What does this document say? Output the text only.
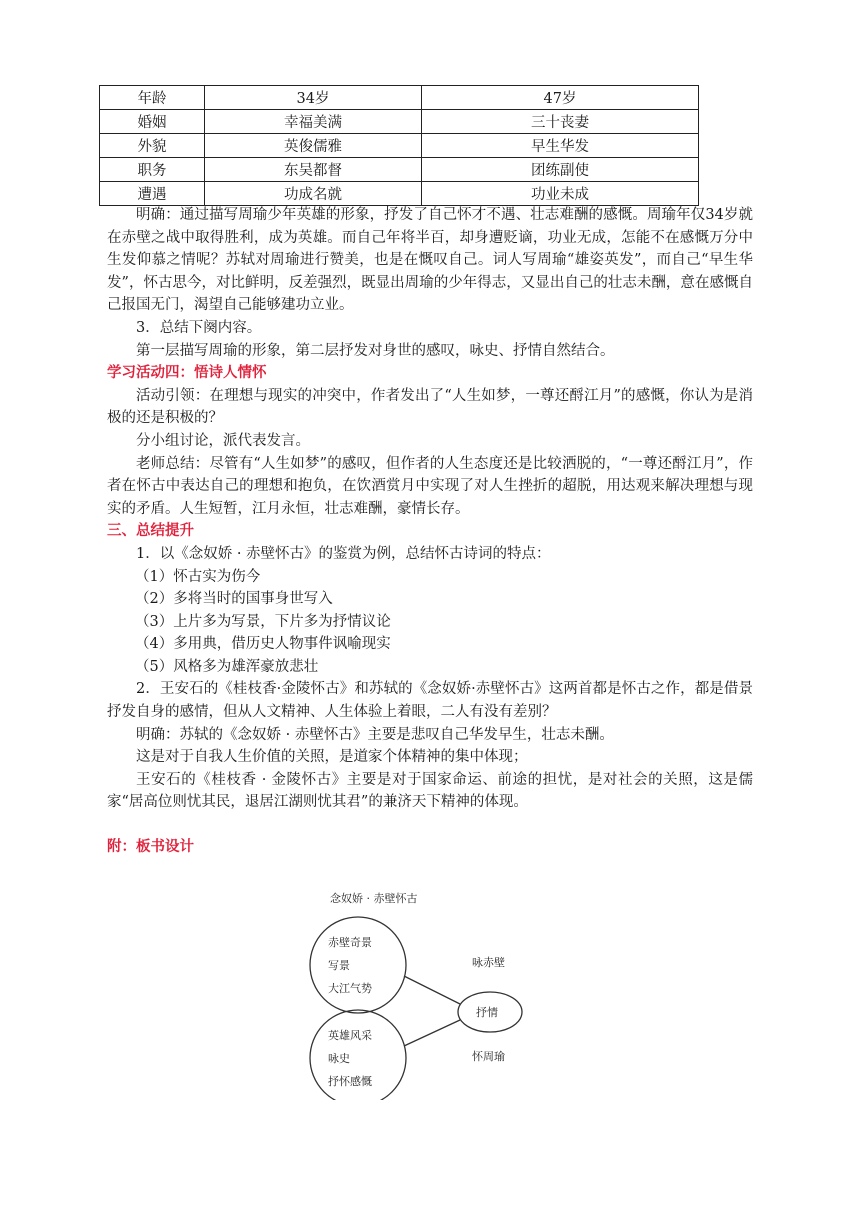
年龄	34岁	47岁
婚姻	幸福美满	三十丧妻
外貌	英俊儒雅	早生华发
职务	东吴都督	团练副使
遭遇	功成名就	功业未成

明确：通过描写周瑜少年英雄的形象，抒发了自己怀才不遇、壮志难酬的感慨。周瑜年仅34岁就在赤壁之战中取得胜利，成为英雄。而自己年将半百，却身遭贬谪，功业无成，怎能不在感慨万分中生发仰慕之情呢？苏轼对周瑜进行赞美，也是在慨叹自己。词人写周瑜“雄姿英发”，而自己“早生华发”，怀古思今，对比鲜明，反差强烈，既显出周瑜的少年得志，又显出自己的壮志未酬，意在感慨自己报国无门，渴望自己能够建功立业。

3．总结下阕内容。

第一层描写周瑜的形象，第二层抒发对身世的感叹，咏史、抒情自然结合。

学习活动四：悟诗人情怀

活动引领：在理想与现实的冲突中，作者发出了“人生如梦，一尊还酹江月”的感慨，你认为是消极的还是积极的？

分小组讨论，派代表发言。

老师总结：尽管有“人生如梦”的感叹，但作者的人生态度还是比较洒脱的，“一尊还酹江月”，作者在怀古中表达自己的理想和抱负，在饮酒赏月中实现了对人生挫折的超脱，用达观来解决理想与现实的矛盾。人生短暂，江月永恒，壮志难酬，豪情长存。

三、总结提升

1．以《念奴娇 · 赤壁怀古》的鉴赏为例，总结怀古诗词的特点：

（1）怀古实为伤今

（2）多将当时的国事身世写入

（3）上片多为写景，下片多为抒情议论

（4）多用典，借历史人物事件讽喻现实

（5）风格多为雄浑豪放悲壮

2．王安石的《桂枝香·金陵怀古》和苏轼的《念奴娇·赤壁怀古》这两首都是怀古之作，都是借景抒发自身的感情，但从人文精神、人生体验上着眼，二人有没有差别？

明确：苏轼的《念奴娇 · 赤壁怀古》主要是悲叹自己华发早生，壮志未酬。

这是对于自我人生价值的关照，是道家个体精神的集中体现；

王安石的《桂枝香 · 金陵怀古》主要是对于国家命运、前途的担忧，是对社会的关照，这是儒家“居高位则忧其民，退居江湖则忧其君”的兼济天下精神的体现。

附：板书设计
念奴娇 · 赤壁怀古
赤壁奇景
写景
大江气势
英雄风采
咏史
抒怀感慨
抒情
咏赤壁
怀周瑜
